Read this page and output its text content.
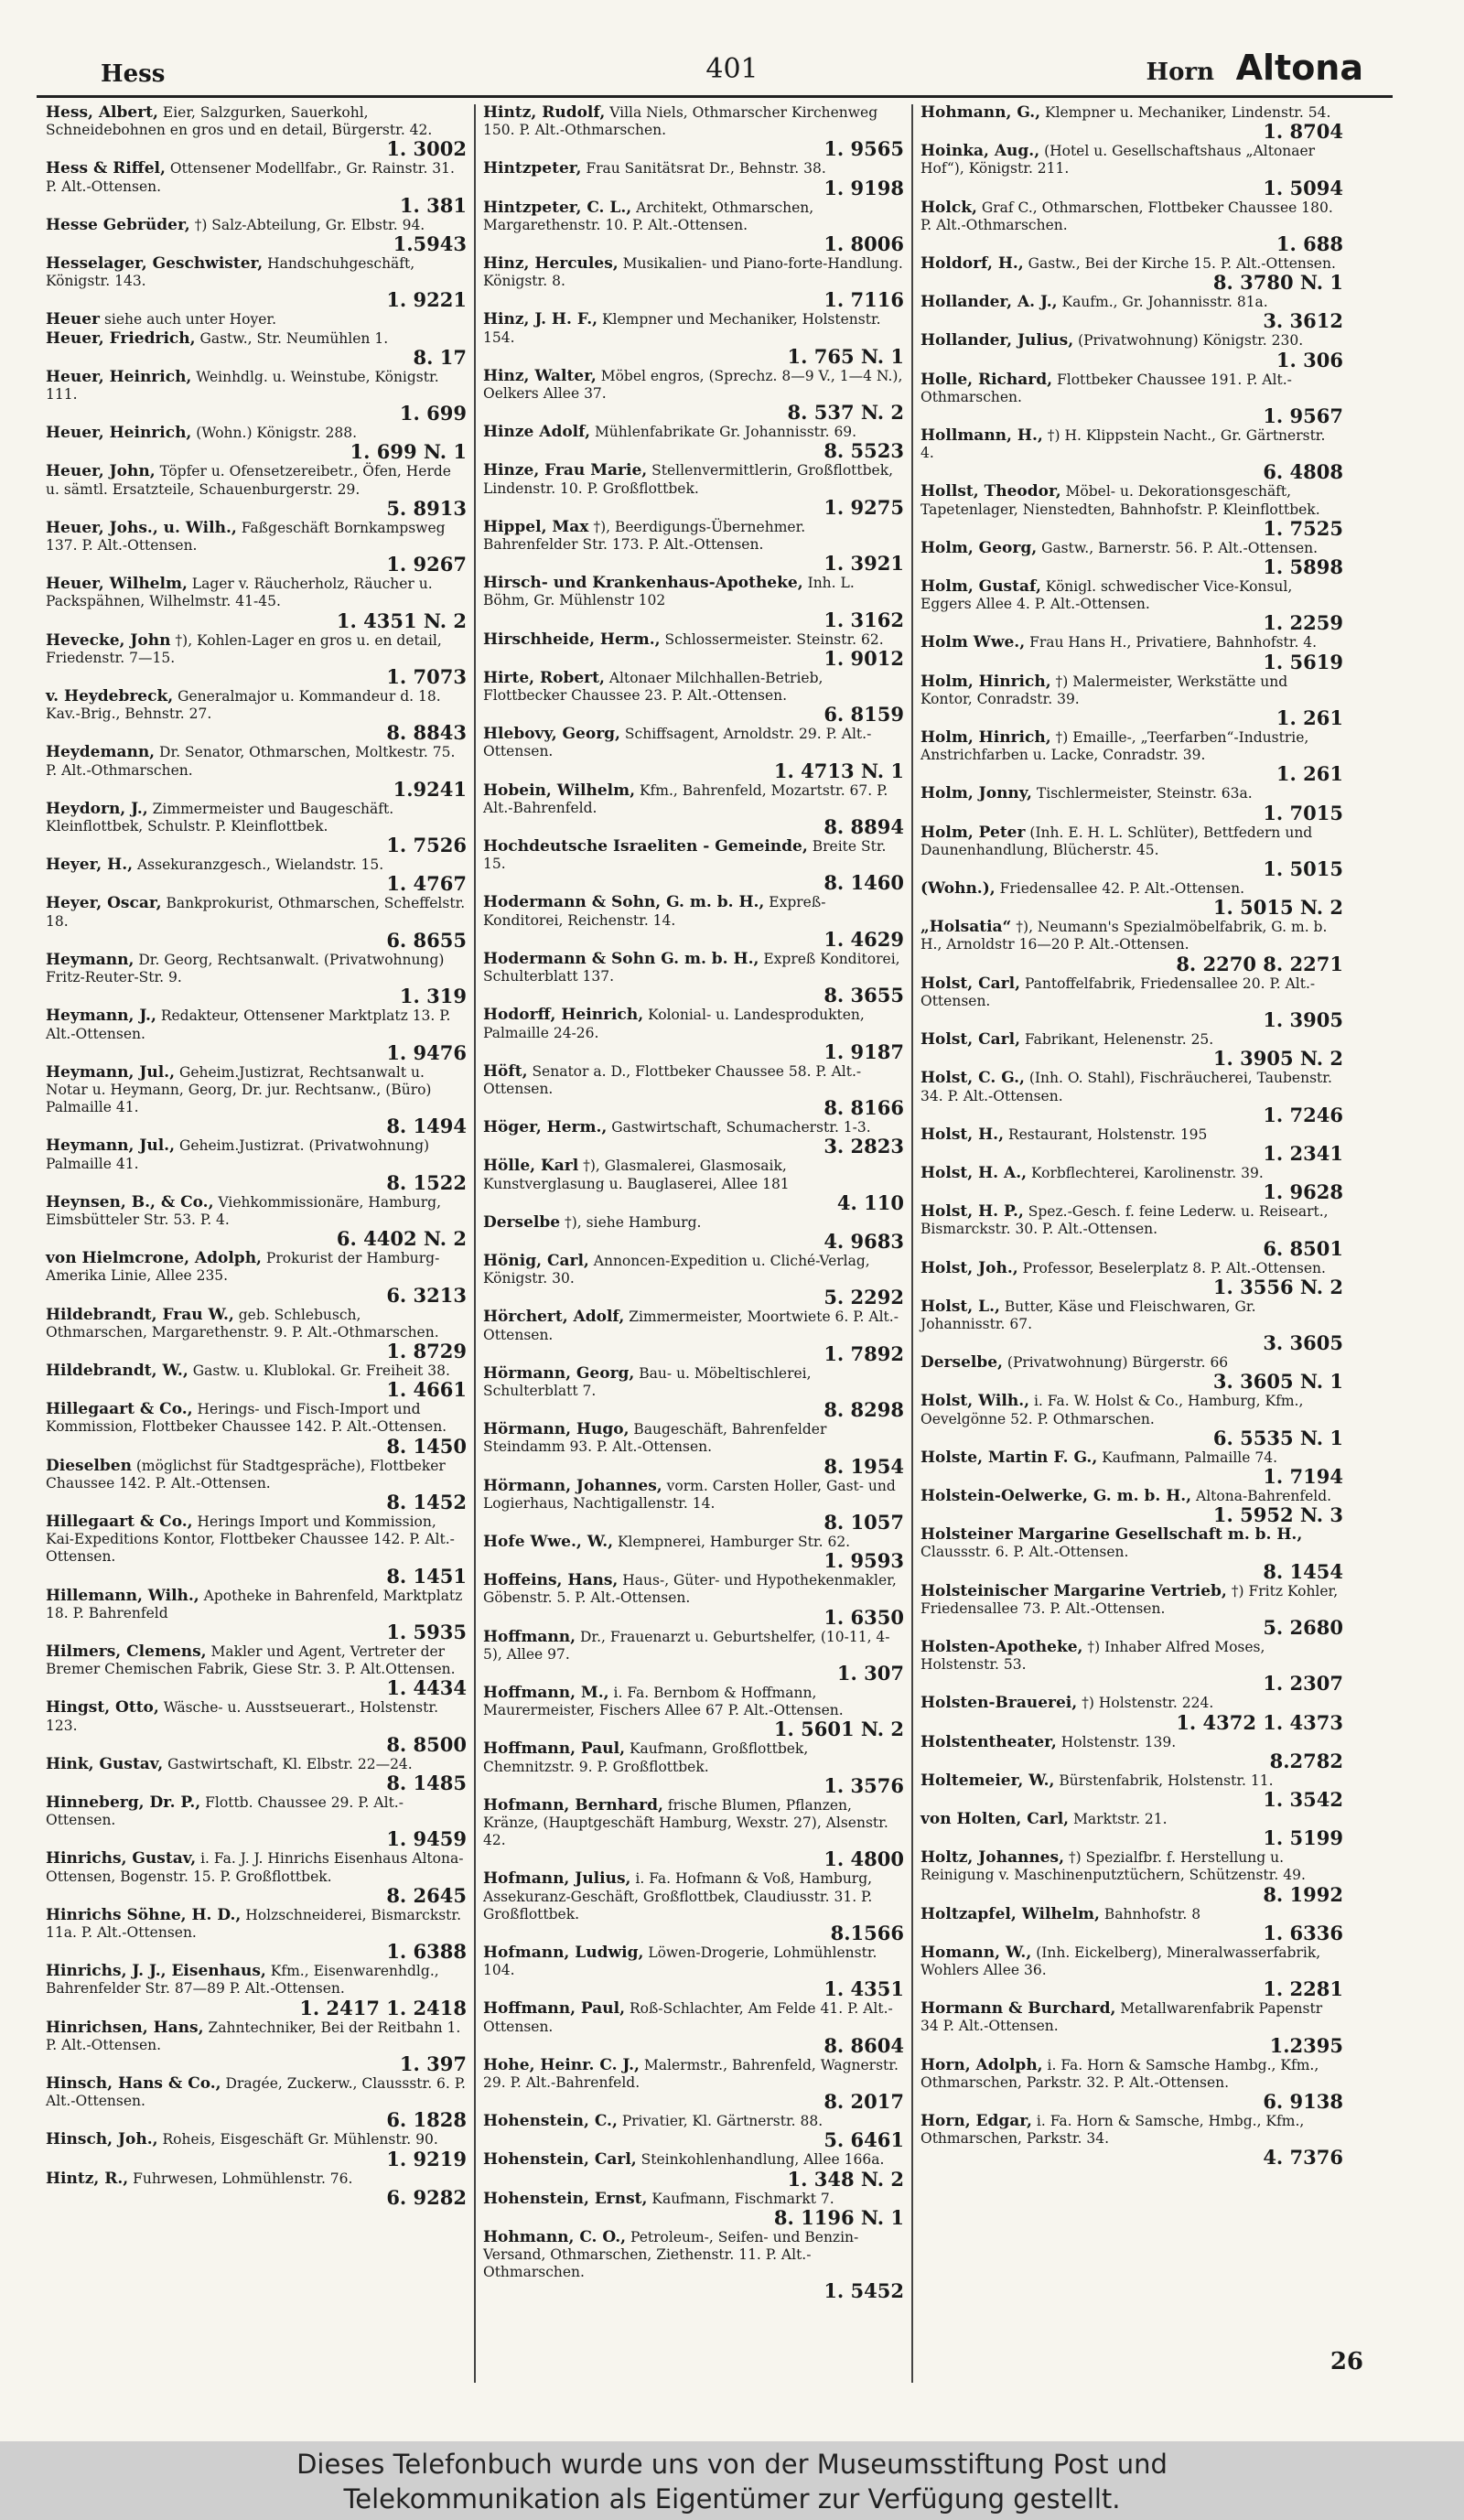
Hess	401	Horn Altona
Hess, Albert, Eier, Salzgurken, Sauerkohl, Schneidebohnen en gros und en detail, Bürgerstr. 42.
1. 3002
Hess & Riffel, Ottensener Modellfabr., Gr. Rainstr. 31. P. Alt.-Ottensen.
1. 381
Hesse Gebrüder, †) Salz-Abteilung, Gr. Elbstr. 94.
1.5943
Hesselager, Geschwister, Handschuhgeschäft, Königstr. 143.
1. 9221
Heuer siehe auch unter Hoyer.
Heuer, Friedrich, Gastw., Str. Neumühlen 1.
8. 17
Heuer, Heinrich, Weinhdlg. u. Weinstube, Königstr. 111.
1. 699
Heuer, Heinrich, (Wohn.) Königstr. 288.
1. 699 N. 1
Heuer, John, Töpfer u. Ofensetzereibetr., Öfen, Herde u. sämtl. Ersatzteile, Schauenburgerstr. 29.
5. 8913
Heuer, Johs., u. Wilh., Faßgeschäft Bornkampsweg 137. P. Alt.-Ottensen.
1. 9267
Heuer, Wilhelm, Lager v. Räucherholz, Räucher u. Packspähnen, Wilhelmstr. 41-45.
1. 4351 N. 2
Hevecke, John †), Kohlen-Lager en gros u. en detail, Friedenstr. 7—15.
1. 7073
v. Heydebreck, Generalmajor u. Kommandeur d. 18. Kav.-Brig., Behnstr. 27.
8. 8843
Heydemann, Dr. Senator, Othmarschen, Moltkestr. 75. P. Alt.-Othmarschen.
1.9241
Heydorn, J., Zimmermeister und Baugeschäft. Kleinflottbek, Schulstr. P. Kleinflottbek.
1. 7526
Heyer, H., Assekuranzgesch., Wielandstr. 15.
1. 4767
Heyer, Oscar, Bankprokurist, Othmarschen, Scheffelstr. 18.
6. 8655
Heymann, Dr. Georg, Rechtsanwalt. (Privatwohnung) Fritz-Reuter-Str. 9.
1. 319
Heymann, J., Redakteur, Ottensener Marktplatz 13. P. Alt.-Ottensen.
1. 9476
Heymann, Jul., Geheim.Justizrat, Rechtsanwalt u. Notar u. Heymann, Georg, Dr. jur. Rechtsanw., (Büro) Palmaille 41.
8. 1494
Heymann, Jul., Geheim.Justizrat. (Privatwohnung) Palmaille 41.
8. 1522
Heynsen, B., & Co., Viehkommissionäre, Hamburg, Eimsbütteler Str. 53. P. 4.
6. 4402 N. 2
von Hielmcrone, Adolph, Prokurist der Hamburg-Amerika Linie, Allee 235.
6. 3213
Hildebrandt, Frau W., geb. Schlebusch, Othmarschen, Margarethenstr. 9. P. Alt.-Othmarschen.
1. 8729
Hildebrandt, W., Gastw. u. Klublokal. Gr. Freiheit 38.
1. 4661
Hillegaart & Co., Herings- und Fisch-Import und Kommission, Flottbeker Chaussee 142. P. Alt.-Ottensen.
8. 1450
Dieselben (möglichst für Stadtgespräche), Flottbeker Chaussee 142. P. Alt.-Ottensen.
8. 1452
Hillegaart & Co., Herings Import und Kommission, Kai-Expeditions Kontor, Flottbeker Chaussee 142. P. Alt.-Ottensen.
8. 1451
Hillemann, Wilh., Apotheke in Bahrenfeld, Marktplatz 18. P. Bahrenfeld
1. 5935
Hilmers, Clemens, Makler und Agent, Vertreter der Bremer Chemischen Fabrik, Giese Str. 3. P. Alt.Ottensen.
1. 4434
Hingst, Otto, Wäsche- u. Ausstseuerart., Holstenstr. 123.
8. 8500
Hink, Gustav, Gastwirtschaft, Kl. Elbstr. 22—24.
8. 1485
Hinneberg, Dr. P., Flottb. Chaussee 29. P. Alt.-Ottensen.
1. 9459
Hinrichs, Gustav, i. Fa. J. J. Hinrichs Eisenhaus Altona-Ottensen, Bogenstr. 15. P. Großflottbek.
8. 2645
Hinrichs Söhne, H. D., Holzschneiderei, Bismarckstr. 11a. P. Alt.-Ottensen.
1. 6388
Hinrichs, J. J., Eisenhaus, Kfm., Eisenwarenhdlg., Bahrenfelder Str. 87—89 P. Alt.-Ottensen.
1. 2417 1. 2418
Hinrichsen, Hans, Zahntechniker, Bei der Reitbahn 1. P. Alt.-Ottensen.
1. 397
Hinsch, Hans & Co., Dragée, Zuckerw., Claussstr. 6. P. Alt.-Ottensen.
6. 1828
Hinsch, Joh., Roheis, Eisgeschäft Gr. Mühlenstr. 90.
1. 9219
Hintz, R., Fuhrwesen, Lohmühlenstr. 76.
6. 9282
Hintz, Rudolf, Villa Niels, Othmarscher Kirchenweg 150. P. Alt.-Othmarschen.
1. 9565
Hintzpeter, Frau Sanitätsrat Dr., Behnstr. 38.
1. 9198
Hintzpeter, C. L., Architekt, Othmarschen, Margarethenstr. 10. P. Alt.-Ottensen.
1. 8006
Hinz, Hercules, Musikalien- und Piano-forte-Handlung. Königstr. 8.
1. 7116
Hinz, J. H. F., Klempner und Mechaniker, Holstenstr. 154.
1. 765 N. 1
Hinz, Walter, Möbel engros, (Sprechz. 8—9 V., 1—4 N.), Oelkers Allee 37.
8. 537 N. 2
Hinze Adolf, Mühlenfabrikate Gr. Johannisstr. 69.
8. 5523
Hinze, Frau Marie, Stellenvermittlerin, Großflottbek, Lindenstr. 10. P. Großflottbek.
1. 9275
Hippel, Max †), Beerdigungs-Übernehmer. Bahrenfelder Str. 173. P. Alt.-Ottensen.
1. 3921
Hirsch- und Krankenhaus-Apotheke, Inh. L. Böhm, Gr. Mühlenstr 102
1. 3162
Hirschheide, Herm., Schlossermeister. Steinstr. 62.
1. 9012
Hirte, Robert, Altonaer Milchhallen-Betrieb, Flottbecker Chaussee 23. P. Alt.-Ottensen.
6. 8159
Hlebovy, Georg, Schiffsagent, Arnoldstr. 29. P. Alt.-Ottensen.
1. 4713 N. 1
Hobein, Wilhelm, Kfm., Bahrenfeld, Mozartstr. 67. P. Alt.-Bahrenfeld.
8. 8894
Hochdeutsche Israeliten - Gemeinde, Breite Str. 15.
8. 1460
Hodermann & Sohn, G. m. b. H., Expreß-Konditorei, Reichenstr. 14.
1. 4629
Hodermann & Sohn G. m. b. H., Expreß Konditorei, Schulterblatt 137.
8. 3655
Hodorff, Heinrich, Kolonial- u. Landesprodukten, Palmaille 24-26.
1. 9187
Höft, Senator a. D., Flottbeker Chaussee 58. P. Alt.-Ottensen.
8. 8166
Höger, Herm., Gastwirtschaft, Schumacherstr. 1-3.
3. 2823
Hölle, Karl †), Glasmalerei, Glasmosaik, Kunstverglasung u. Bauglaserei, Allee 181
4. 110
Derselbe †), siehe Hamburg.
4. 9683
Hönig, Carl, Annoncen-Expedition u. Cliché-Verlag, Königstr. 30.
5. 2292
Hörchert, Adolf, Zimmermeister, Moortwiete 6. P. Alt.-Ottensen.
1. 7892
Hörmann, Georg, Bau- u. Möbeltischlerei, Schulterblatt 7.
8. 8298
Hörmann, Hugo, Baugeschäft, Bahrenfelder Steindamm 93. P. Alt.-Ottensen.
8. 1954
Hörmann, Johannes, vorm. Carsten Holler, Gast- und Logierhaus, Nachtigallenstr. 14.
8. 1057
Hofe Wwe., W., Klempnerei, Hamburger Str. 62.
1. 9593
Hoffeins, Hans, Haus-, Güter- und Hypothekenmakler, Göbenstr. 5. P. Alt.-Ottensen.
1. 6350
Hoffmann, Dr., Frauenarzt u. Geburtshelfer, (10-11, 4-5), Allee 97.
1. 307
Hoffmann, M., i. Fa. Bernbom & Hoffmann, Maurermeister, Fischers Allee 67 P. Alt.-Ottensen.
1. 5601 N. 2
Hoffmann, Paul, Kaufmann, Großflottbek, Chemnitzstr. 9. P. Großflottbek.
1. 3576
Hofmann, Bernhard, frische Blumen, Pflanzen, Kränze, (Hauptgeschäft Hamburg, Wexstr. 27), Alsenstr. 42.
1. 4800
Hofmann, Julius, i. Fa. Hofmann & Voß, Hamburg, Assekuranz-Geschäft, Großflottbek, Claudiusstr. 31. P. Großflottbek.
8.1566
Hofmann, Ludwig, Löwen-Drogerie, Lohmühlenstr. 104.
1. 4351
Hoffmann, Paul, Roß-Schlachter, Am Felde 41. P. Alt.-Ottensen.
8. 8604
Hohe, Heinr. C. J., Malermstr., Bahrenfeld, Wagnerstr. 29. P. Alt.-Bahrenfeld.
8. 2017
Hohenstein, C., Privatier, Kl. Gärtnerstr. 88.
5. 6461
Hohenstein, Carl, Steinkohlenhandlung, Allee 166a.
1. 348 N. 2
Hohenstein, Ernst, Kaufmann, Fischmarkt 7.
8. 1196 N. 1
Hohmann, C. O., Petroleum-, Seifen- und Benzin-Versand, Othmarschen, Ziethenstr. 11. P. Alt.-Othmarschen.
1. 5452
Hohmann, G., Klempner u. Mechaniker, Lindenstr. 54.
1. 8704
Hoinka, Aug., (Hotel u. Gesellschaftshaus „Altonaer Hof“), Königstr. 211.
1. 5094
Holck, Graf C., Othmarschen, Flottbeker Chaussee 180. P. Alt.-Othmarschen.
1. 688
Holdorf, H., Gastw., Bei der Kirche 15. P. Alt.-Ottensen.
8. 3780 N. 1
Hollander, A. J., Kaufm., Gr. Johannisstr. 81a.
3. 3612
Hollander, Julius, (Privatwohnung) Königstr. 230.
1. 306
Holle, Richard, Flottbeker Chaussee 191. P. Alt.-Othmarschen.
1. 9567
Hollmann, H., †) H. Klippstein Nacht., Gr. Gärtnerstr. 4.
6. 4808
Hollst, Theodor, Möbel- u. Dekorationsgeschäft, Tapetenlager, Nienstedten, Bahnhofstr. P. Kleinflottbek.
1. 7525
Holm, Georg, Gastw., Barnerstr. 56. P. Alt.-Ottensen.
1. 5898
Holm, Gustaf, Königl. schwedischer Vice-Konsul, Eggers Allee 4. P. Alt.-Ottensen.
1. 2259
Holm Wwe., Frau Hans H., Privatiere, Bahnhofstr. 4.
1. 5619
Holm, Hinrich, †) Malermeister, Werkstätte und Kontor, Conradstr. 39.
1. 261
Holm, Hinrich, †) Emaille-, „Teerfarben“-Industrie, Anstrichfarben u. Lacke, Conradstr. 39.
1. 261
Holm, Jonny, Tischlermeister, Steinstr. 63a.
1. 7015
Holm, Peter (Inh. E. H. L. Schlüter), Bettfedern und Daunenhandlung, Blücherstr. 45.
1. 5015
(Wohn.), Friedensallee 42. P. Alt.-Ottensen.
1. 5015 N. 2
„Holsatia“ †), Neumann's Spezialmöbelfabrik, G. m. b. H., Arnoldstr 16—20 P. Alt.-Ottensen.
8. 2270 8. 2271
Holst, Carl, Pantoffelfabrik, Friedensallee 20. P. Alt.-Ottensen.
1. 3905
Holst, Carl, Fabrikant, Helenenstr. 25.
1. 3905 N. 2
Holst, C. G., (Inh. O. Stahl), Fischräucherei, Taubenstr. 34. P. Alt.-Ottensen.
1. 7246
Holst, H., Restaurant, Holstenstr. 195
1. 2341
Holst, H. A., Korbflechterei, Karolinenstr. 39.
1. 9628
Holst, H. P., Spez.-Gesch. f. feine Lederw. u. Reiseart., Bismarckstr. 30. P. Alt.-Ottensen.
6. 8501
Holst, Joh., Professor, Beselerplatz 8. P. Alt.-Ottensen.
1. 3556 N. 2
Holst, L., Butter, Käse und Fleischwaren, Gr. Johannisstr. 67.
3. 3605
Derselbe, (Privatwohnung) Bürgerstr. 66
3. 3605 N. 1
Holst, Wilh., i. Fa. W. Holst & Co., Hamburg, Kfm., Oevelgönne 52. P. Othmarschen.
6. 5535 N. 1
Holste, Martin F. G., Kaufmann, Palmaille 74.
1. 7194
Holstein-Oelwerke, G. m. b. H., Altona-Bahrenfeld.
1. 5952 N. 3
Holsteiner Margarine Gesellschaft m. b. H., Claussstr. 6. P. Alt.-Ottensen.
8. 1454
Holsteinischer Margarine Vertrieb, †) Fritz Kohler, Friedensallee 73. P. Alt.-Ottensen.
5. 2680
Holsten-Apotheke, †) Inhaber Alfred Moses, Holstenstr. 53.
1. 2307
Holsten-Brauerei, †) Holstenstr. 224.
1. 4372 1. 4373
Holstentheater, Holstenstr. 139.
8.2782
Holtemeier, W., Bürstenfabrik, Holstenstr. 11.
1. 3542
von Holten, Carl, Marktstr. 21.
1. 5199
Holtz, Johannes, †) Spezialfbr. f. Herstellung u. Reinigung v. Maschinenputztüchern, Schützenstr. 49.
8. 1992
Holtzapfel, Wilhelm, Bahnhofstr. 8
1. 6336
Homann, W., (Inh. Eickelberg), Mineralwasserfabrik, Wohlers Allee 36.
1. 2281
Hormann & Burchard, Metallwarenfabrik Papenstr 34 P. Alt.-Ottensen.
1.2395
Horn, Adolph, i. Fa. Horn & Samsche Hambg., Kfm., Othmarschen, Parkstr. 32. P. Alt.-Ottensen.
6. 9138
Horn, Edgar, i. Fa. Horn & Samsche, Hmbg., Kfm., Othmarschen, Parkstr. 34.
4. 7376
26
Dieses Telefonbuch wurde uns von der Museumsstiftung Post und
Telekommunikation als Eigentümer zur Verfügung gestellt.
